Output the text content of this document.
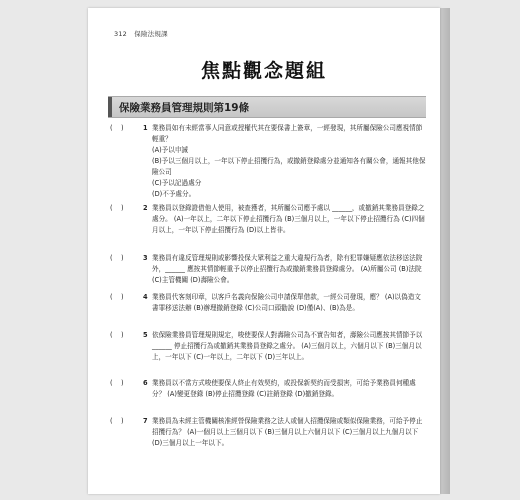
312 保險法規課
焦點觀念題組
保險業務員管理規則第19條
(    )	1 業務員如有未經當事人同意或授權代其在要保書上簽章，一經發現，其所屬保險公司應視情節輕重？
(A)予以申誡
(B)予以三個月以上，一年以下停止招攬行為，或撤銷登錄處分並通知各有關公會，通報其他保險公司
(C)予以記過處分
(D)不予處分。
(    )	2 業務員以登錄證借他人使用，被查獲者，其所屬公司應予處以 ______，或撤銷其業務員登錄之處分。 (A)一年以上，二年以下停止招攬行為 (B)三個月以上，一年以下停止招攬行為 (C)四個月以上，一年以下停止招攬行為 (D)以上皆非。
(    )	3 業務員有違反管理規則或影響投保大眾利益之重大違規行為者，除有犯罪嫌疑應依法移送法院外，______ 應按其情節輕重予以停止招攬行為或撤銷業務員登錄處分。 (A)所屬公司 (B)法院 (C)主管機關 (D)壽險公會。
(    )	4 業務員代客刻印章，以客戶名義向保險公司申請保單借款，一經公司發現，應？ (A)以偽造文書罪移送法辦 (B)辦理撤銷登錄 (C)公司口頭勸說 (D)僅(A)、(B)為是。
(    )	5 依保險業務員管理規則規定，唆使要保人對壽險公司為不實告知者，壽險公司應按其情節予以 ______ 停止招攬行為或撤銷其業務員登錄之處分。 (A)三個月以上，六個月以下 (B)三個月以上，一年以下 (C)一年以上，二年以下 (D)三年以上。
(    )	6 業務員以不當方式唆使要保人終止有效契約，或投保新契約而受損害，可給予業務員何種處分？ (A)變更登錄 (B)停止招攬登錄 (C)註銷登錄 (D)撤銷登錄。
(    )	7 業務員為未經主管機關核准經營保險業務之法人或個人招攬保險或類似保險業務，可給予停止招攬行為？ (A)一個月以上三個月以下 (B)三個月以上六個月以下 (C)三個月以上九個月以下 (D)三個月以上一年以下。
